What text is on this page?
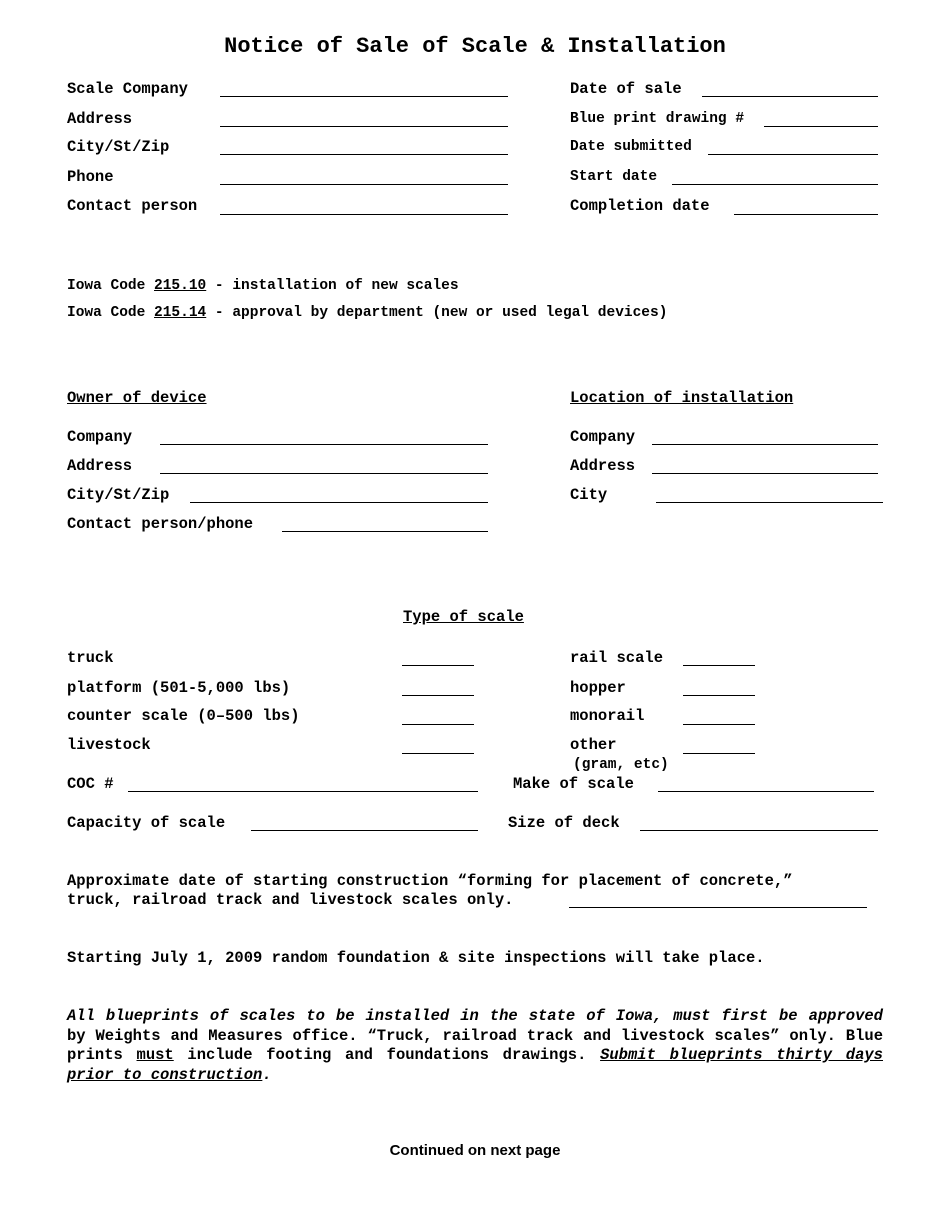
Notice of Sale of Scale & Installation
Scale Company
Address
City/St/Zip
Phone
Contact person
Date of sale
Blue print drawing #
Date submitted
Start date
Completion date
Iowa Code 215.10 - installation of new scales
Iowa Code 215.14 - approval by department (new or used legal devices)
Owner of device
Company
Address
City/St/Zip
Contact person/phone
Location of installation
Company
Address
City
Type of scale
truck
platform (501-5,000 lbs)
counter scale (0–500 lbs)
livestock
rail scale
hopper
monorail
other
(gram, etc)
COC #	Make of scale
Capacity of scale	Size of deck
Approximate date of starting construction “forming for placement of concrete,”
truck, railroad track and livestock scales only.
Starting July 1, 2009 random foundation & site inspections will take place.
All blueprints of scales to be installed in the state of Iowa, must first be approved by Weights and Measures office. “Truck, railroad track and livestock scales” only. Blue prints must include footing and foundations drawings. Submit blueprints thirty days prior to construction.
Continued on next page
